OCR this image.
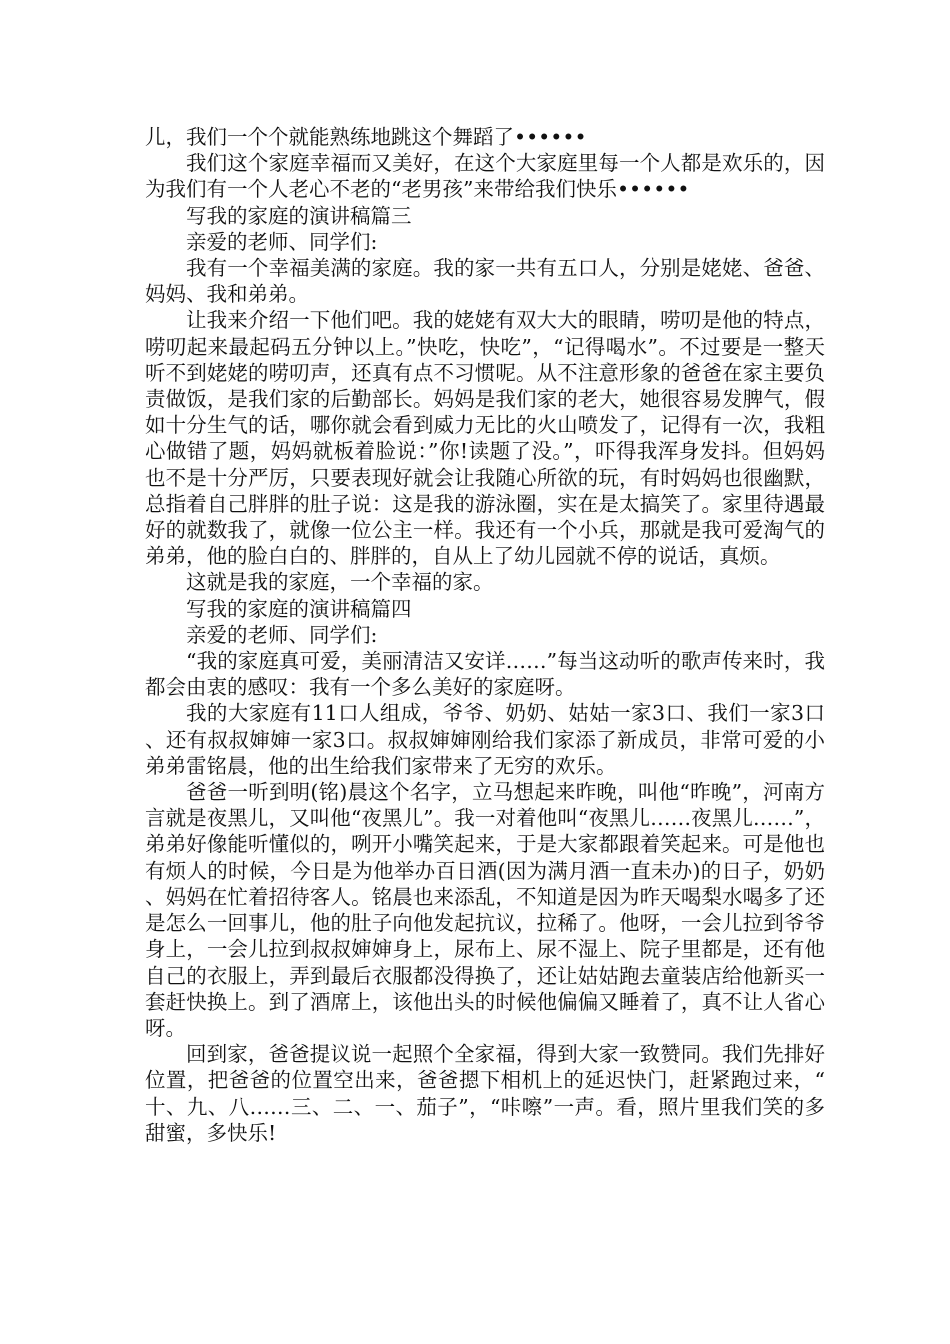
儿，我们一个个就能熟练地跳这个舞蹈了••••••

我们这个家庭幸福而又美好，在这个大家庭里每一个人都是欢乐的，因为我们有一个人老心不老的“老男孩”来带给我们快乐••••••

写我的家庭的演讲稿篇三

亲爱的老师、同学们:

我有一个幸福美满的家庭。我的家一共有五口人，分别是姥姥、爸爸、妈妈、我和弟弟。

让我来介绍一下他们吧。我的姥姥有双大大的眼睛，唠叨是他的特点，唠叨起来最起码五分钟以上。”快吃，快吃”，“记得喝水”。不过要是一整天听不到姥姥的唠叨声，还真有点不习惯呢。从不注意形象的爸爸在家主要负责做饭，是我们家的后勤部长。妈妈是我们家的老大，她很容易发脾气，假如十分生气的话，哪你就会看到威力无比的火山喷发了，记得有一次，我粗心做错了题，妈妈就板着脸说：”你!读题了没。”，吓得我浑身发抖。但妈妈也不是十分严厉，只要表现好就会让我随心所欲的玩，有时妈妈也很幽默，总指着自己胖胖的肚子说：这是我的游泳圈，实在是太搞笑了。家里待遇最好的就数我了，就像一位公主一样。我还有一个小兵，那就是我可爱淘气的弟弟，他的脸白白的、胖胖的，自从上了幼儿园就不停的说话，真烦。

这就是我的家庭，一个幸福的家。

写我的家庭的演讲稿篇四

亲爱的老师、同学们:

“我的家庭真可爱，美丽清洁又安详……”每当这动听的歌声传来时，我都会由衷的感叹：我有一个多么美好的家庭呀。

我的大家庭有11口人组成，爷爷、奶奶、姑姑一家3口、我们一家3口、还有叔叔婶婶一家3口。叔叔婶婶刚给我们家添了新成员，非常可爱的小弟弟雷铭晨，他的出生给我们家带来了无穷的欢乐。

爸爸一听到明(铭)晨这个名字，立马想起来昨晚，叫他“昨晚”，河南方言就是夜黑儿，又叫他“夜黑儿”。我一对着他叫“夜黑儿……夜黑儿……”，弟弟好像能听懂似的，咧开小嘴笑起来，于是大家都跟着笑起来。可是他也有烦人的时候，今日是为他举办百日酒(因为满月酒一直未办)的日子，奶奶、妈妈在忙着招待客人。铭晨也来添乱，不知道是因为昨天喝梨水喝多了还是怎么一回事儿，他的肚子向他发起抗议，拉稀了。他呀，一会儿拉到爷爷身上，一会儿拉到叔叔婶婶身上，尿布上、尿不湿上、院子里都是，还有他自己的衣服上，弄到最后衣服都没得换了，还让姑姑跑去童装店给他新买一套赶快换上。到了酒席上，该他出头的时候他偏偏又睡着了，真不让人省心呀。

回到家，爸爸提议说一起照个全家福，得到大家一致赞同。我们先排好位置，把爸爸的位置空出来，爸爸摁下相机上的延迟快门，赶紧跑过来，“十、九、八……三、二、一、茄子”，“咔嚓”一声。看，照片里我们笑的多甜蜜，多快乐!
